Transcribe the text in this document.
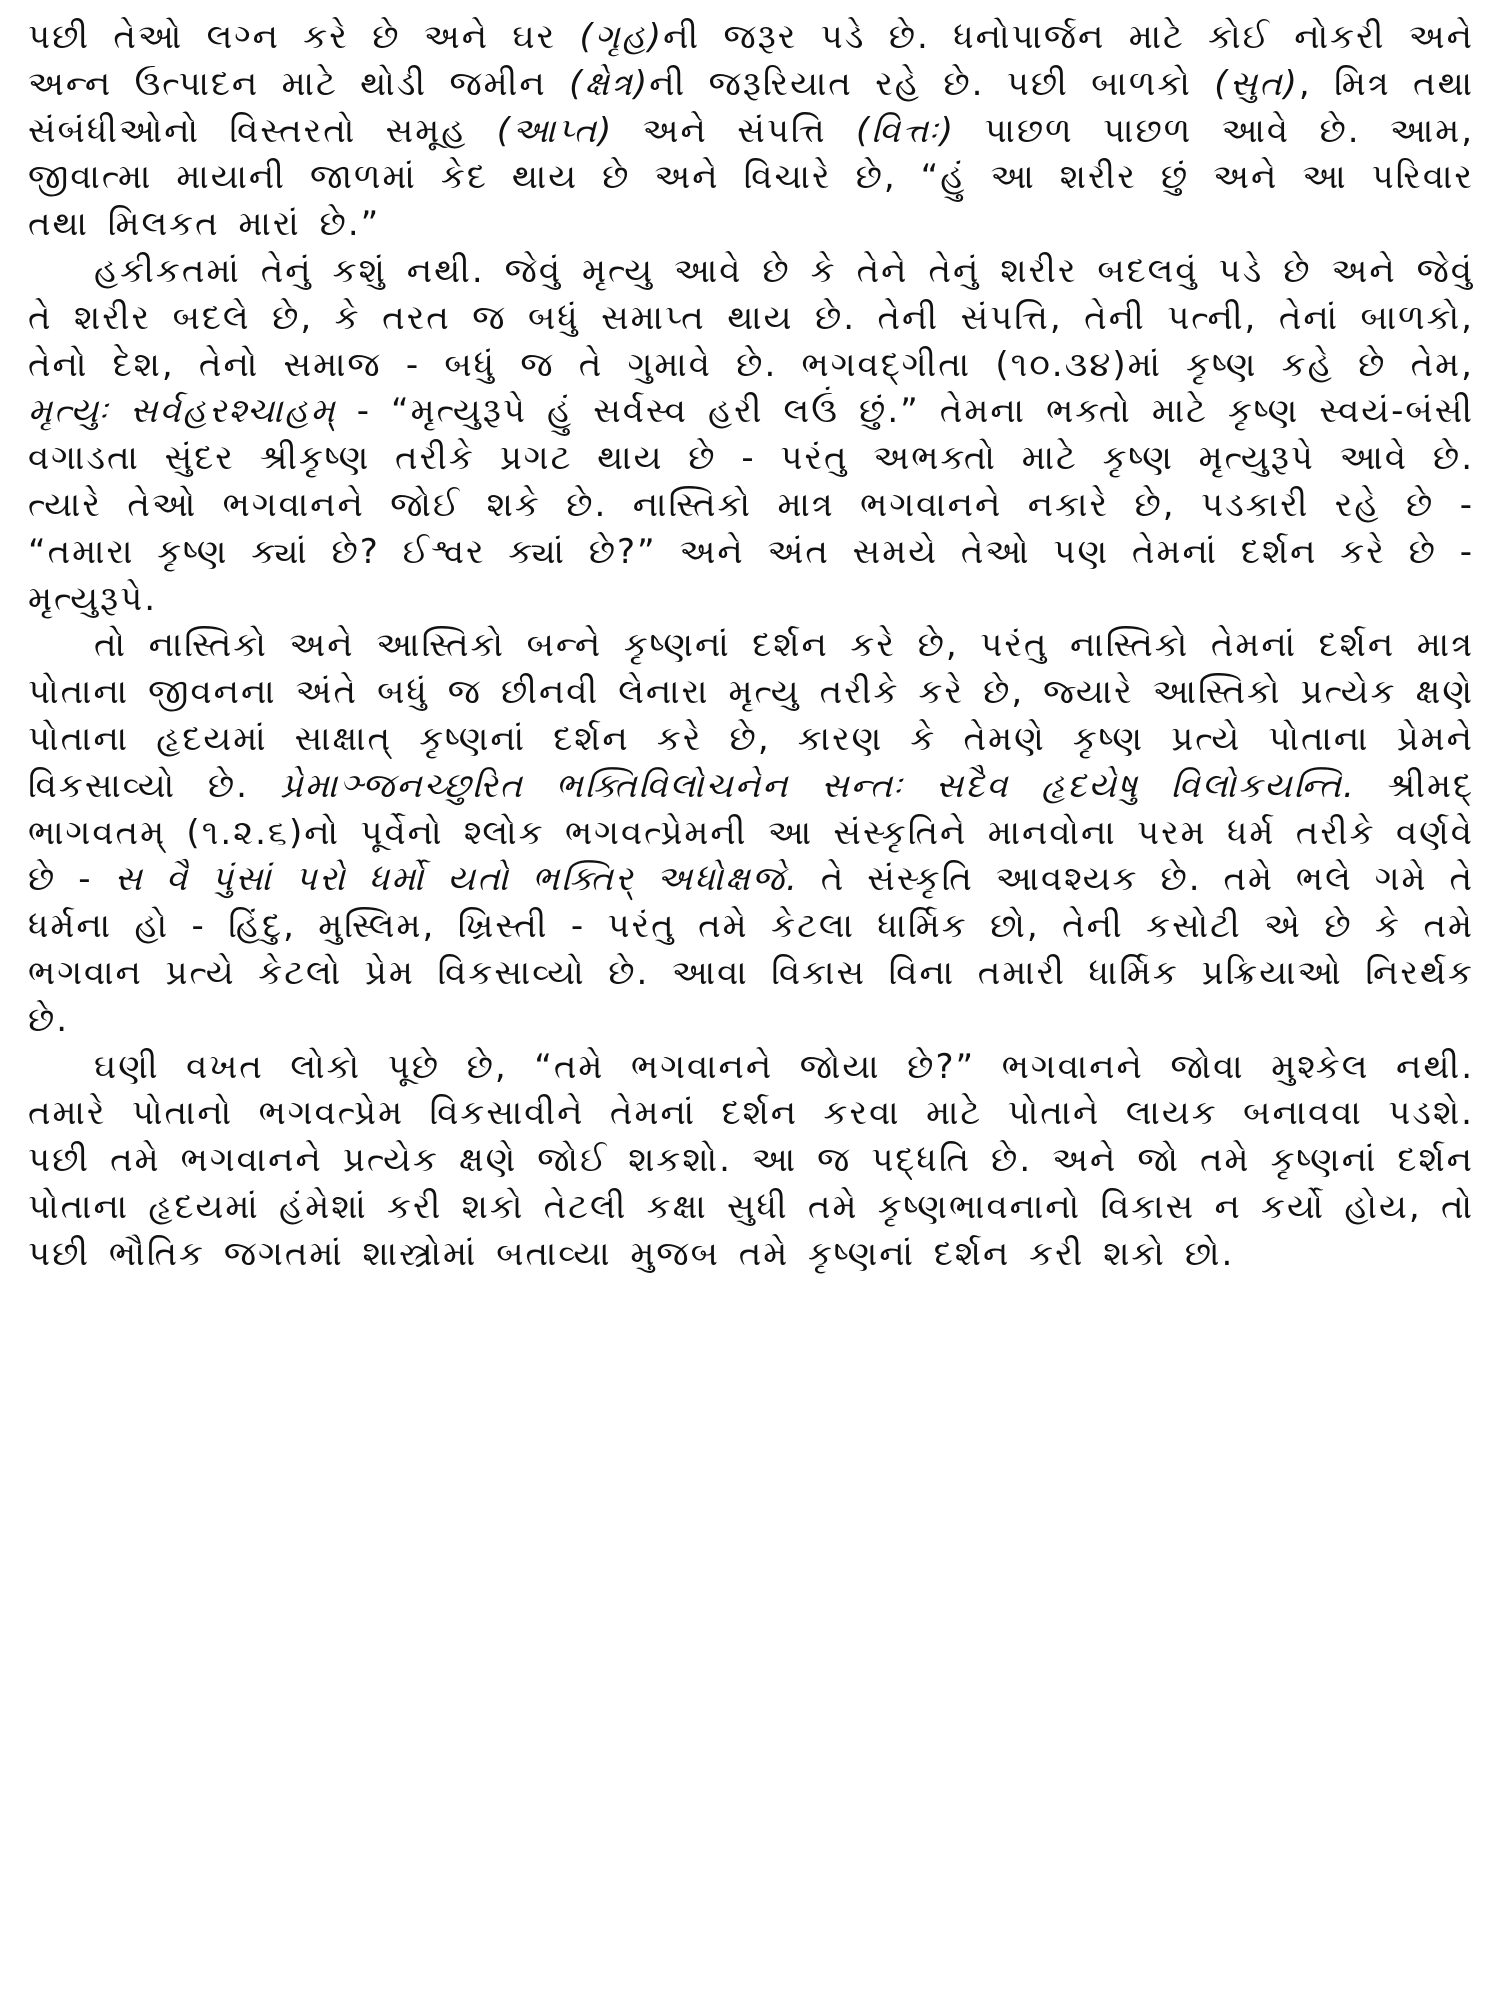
પછી તેઓ લગ્ન કરે છે અને ઘર (ગૃહ)ની જરૂર પડે છે. ધનોપાર્જન માટે કોઈ નોકરી અને અન્ન ઉત્પાદન માટે થોડી જમીન (ક્ષેત્ર)ની જરૂરિયાત રહે છે. પછી બાળકો (સુત), મિત્ર તથા સંબંધીઓનો વિસ્તરતો સમૂહ (આપ્ત) અને સંપત્તિ (વિત્તઃ) પાછળ પાછળ આવે છે. આમ, જીવાત્મા માયાની જાળમાં કેદ થાય છે અને વિચારે છે, “હું આ શરીર છું અને આ પરિવાર તથા મિલકત મારાં છે.”

હકીકતમાં તેનું કશું નથી. જેવું મૃત્યુ આવે છે કે તેને તેનું શરીર બદલવું પડે છે અને જેવું તે શરીર બદલે છે, કે તરત જ બધું સમાપ્ત થાય છે. તેની સંપત્તિ, તેની પત્ની, તેનાં બાળકો, તેનો દેશ, તેનો સમાજ - બધું જ તે ગુમાવે છે. ભગવદ્ગીતા (૧૦.૩૪)માં કૃષ્ણ કહે છે તેમ, મૃત્યુઃ સર્વહરશ્ચાહમ્ - “મૃત્યુરૂપે હું સર્વસ્વ હરી લઉં છું.” તેમના ભક્તો માટે કૃષ્ણ સ્વયં-બંસી વગાડતા સુંદર શ્રીકૃષ્ણ તરીકે પ્રગટ થાય છે - પરંતુ અભક્તો માટે કૃષ્ણ મૃત્યુરૂપે આવે છે. ત્યારે તેઓ ભગવાનને જોઈ શકે છે. નાસ્તિકો માત્ર ભગવાનને નકારે છે, પડકારી રહે છે - “તમારા કૃષ્ણ ક્યાં છે? ઈશ્વર ક્યાં છે?” અને અંત સમયે તેઓ પણ તેમનાં દર્શન કરે છે - મૃત્યુરૂપે.

તો નાસ્તિકો અને આસ્તિકો બન્ને કૃષ્ણનાં દર્શન કરે છે, પરંતુ નાસ્તિકો તેમનાં દર્શન માત્ર પોતાના જીવનના અંતે બધું જ છીનવી લેનારા મૃત્યુ તરીકે કરે છે, જ્યારે આસ્તિકો પ્રત્યેક ક્ષણે પોતાના હૃદયમાં સાક્ષાત્ કૃષ્ણનાં દર્શન કરે છે, કારણ કે તેમણે કૃષ્ણ પ્રત્યે પોતાના પ્રેમને વિકસાવ્યો છે. પ્રેમાઞ્જનચ્છુરિત ભક્તિવિલોચનેન સન્તઃ સદૈવ હૃદયેષુ વિલોકયન્તિ. શ્રીમદ્ ભાગવતમ્ (૧.૨.૬)નો પૂર્વેનો શ્લોક ભગવત્પ્રેમની આ સંસ્કૃતિને માનવોના પરમ ધર્મ તરીકે વર્ણવે છે - સ વૈ પુંસાં પરો ધર્મો યતો ભક્તિર્ અધોક્ષજે. તે સંસ્કૃતિ આવશ્યક છે. તમે ભલે ગમે તે ધર્મના હો - હિંદુ, મુસ્લિમ, ખ્રિસ્તી - પરંતુ તમે કેટલા ધાર્મિક છો, તેની કસોટી એ છે કે તમે ભગવાન પ્રત્યે કેટલો પ્રેમ વિકસાવ્યો છે. આવા વિકાસ વિના તમારી ધાર્મિક પ્રક્રિયાઓ નિરર્થક છે.

ઘણી વખત લોકો પૂછે છે, “તમે ભગવાનને જોયા છે?” ભગવાનને જોવા મુશ્કેલ નથી. તમારે પોતાનો ભગવત્પ્રેમ વિકસાવીને તેમનાં દર્શન કરવા માટે પોતાને લાયક બનાવવા પડશે. પછી તમે ભગવાનને પ્રત્યેક ક્ષણે જોઈ શકશો. આ જ પદ્ધતિ છે. અને જો તમે કૃષ્ણનાં દર્શન પોતાના હૃદયમાં હંમેશાં કરી શકો તેટલી કક્ષા સુધી તમે કૃષ્ણભાવનાનો વિકાસ ન કર્યો હોય, તો પછી ભૌતિક જગતમાં શાસ્ત્રોમાં બતાવ્યા મુજબ તમે કૃષ્ણનાં દર્શન કરી શકો છો.
